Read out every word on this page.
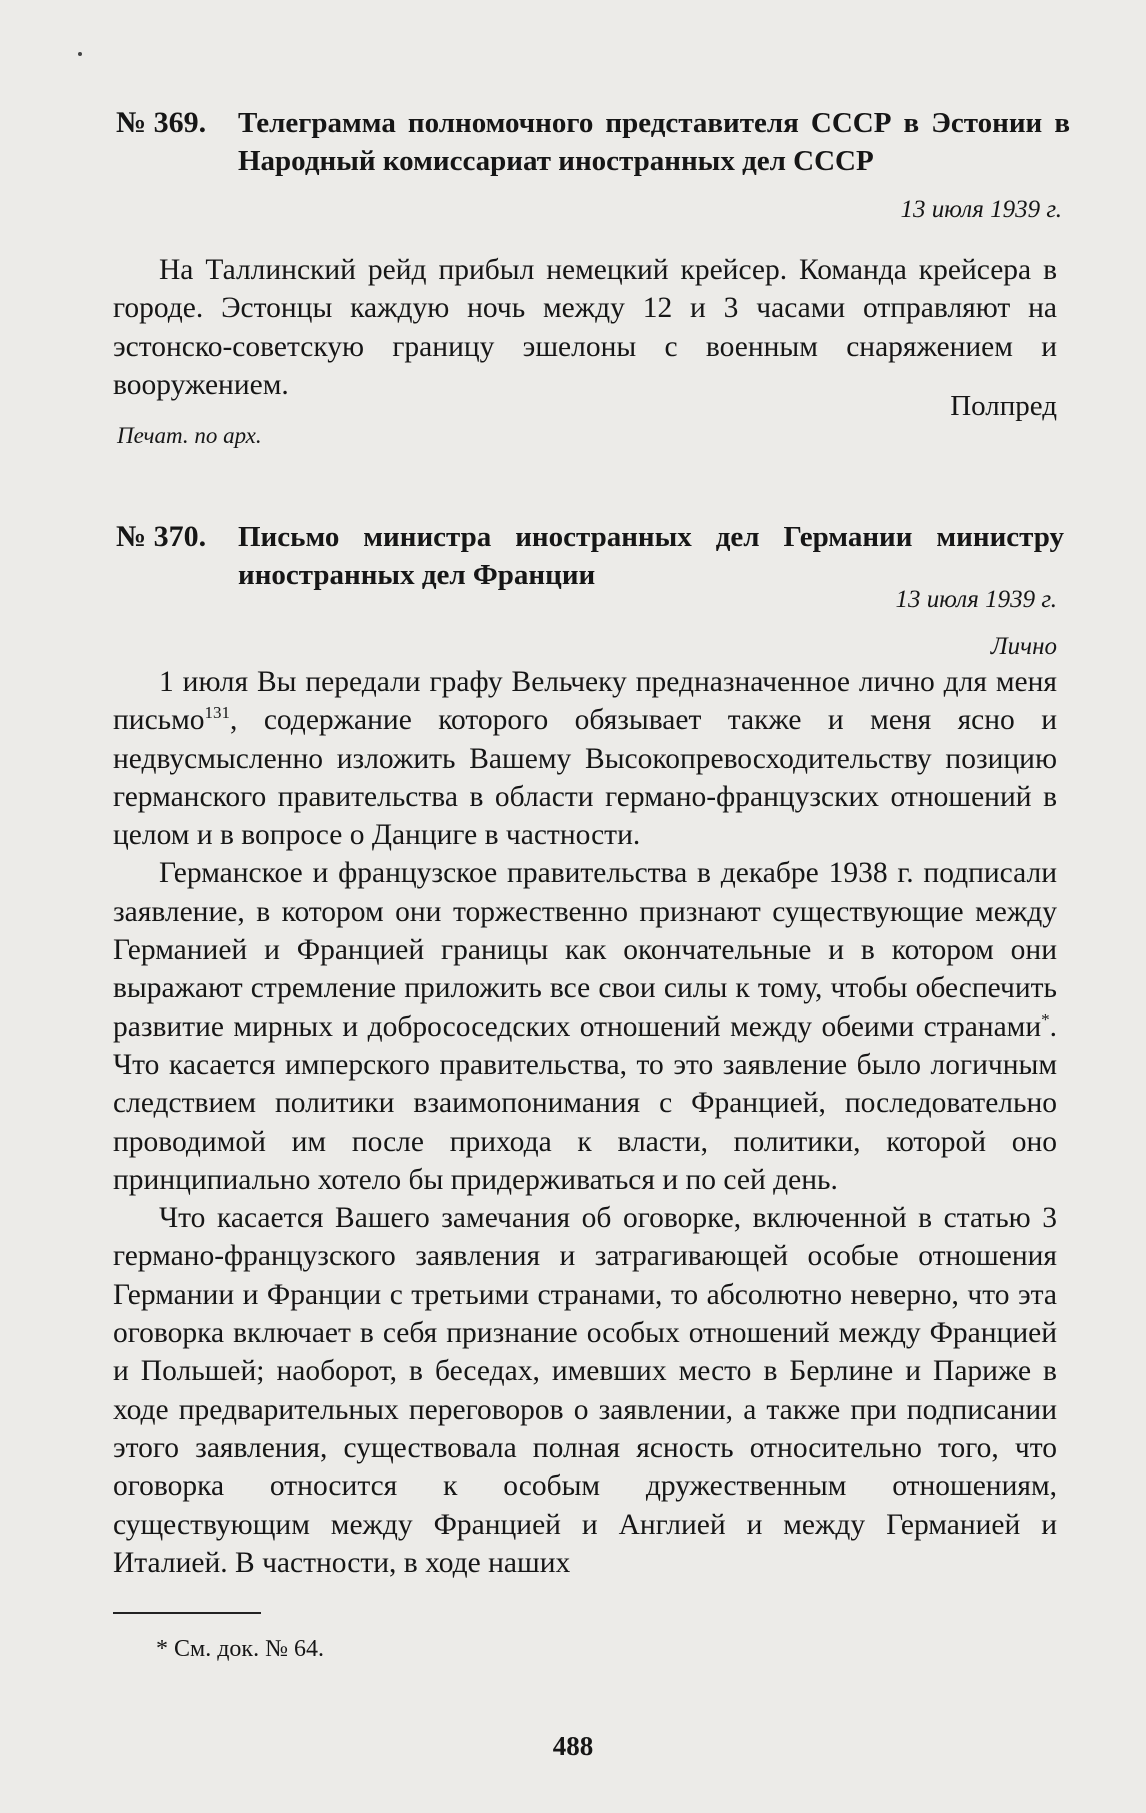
№ 369. Телеграмма полномочного представителя СССР в Эстонии в Народный комиссариат иностранных дел СССР
13 июля 1939 г.

На Таллинский рейд прибыл немецкий крейсер. Команда крейсера в городе. Эстонцы каждую ночь между 12 и 3 часами отправляют на эстонско-советскую границу эшелоны с военным снаряжением и вооружением.

Полпред
Печат. по арх.
№ 370. Письмо министра иностранных дел Германии министру иностранных дел Франции
13 июля 1939 г.
Лично

1 июля Вы передали графу Вельчеку предназначенное лично для меня письмо$^{131}$, содержание которого обязывает также и меня ясно и недвусмысленно изложить Вашему Высокопревосходительству позицию германского правительства в области германо-французских отношений в целом и в вопросе о Данциге в частности.

Германское и французское правительства в декабре 1938 г. подписали заявление, в котором они торжественно признают существующие между Германией и Францией границы как окончательные и в котором они выражают стремление приложить все свои силы к тому, чтобы обеспечить развитие мирных и добрососедских отношений между обеими странами*. Что касается имперского правительства, то это заявление было логичным следствием политики взаимопонимания с Францией, последовательно проводимой им после прихода к власти, политики, которой оно принципиально хотело бы придерживаться и по сей день.

Что касается Вашего замечания об оговорке, включенной в статью 3 германо-французского заявления и затрагивающей особые отношения Германии и Франции с третьими странами, то абсолютно неверно, что эта оговорка включает в себя признание особых отношений между Францией и Польшей; наоборот, в беседах, имевших место в Берлине и Париже в ходе предварительных переговоров о заявлении, а также при подписании этого заявления, существовала полная ясность относительно того, что оговорка относится к особым дружественным отношениям, существующим между Францией и Англией и между Германией и Италией. В частности, в ходе наших

* См. док. № 64.
488
